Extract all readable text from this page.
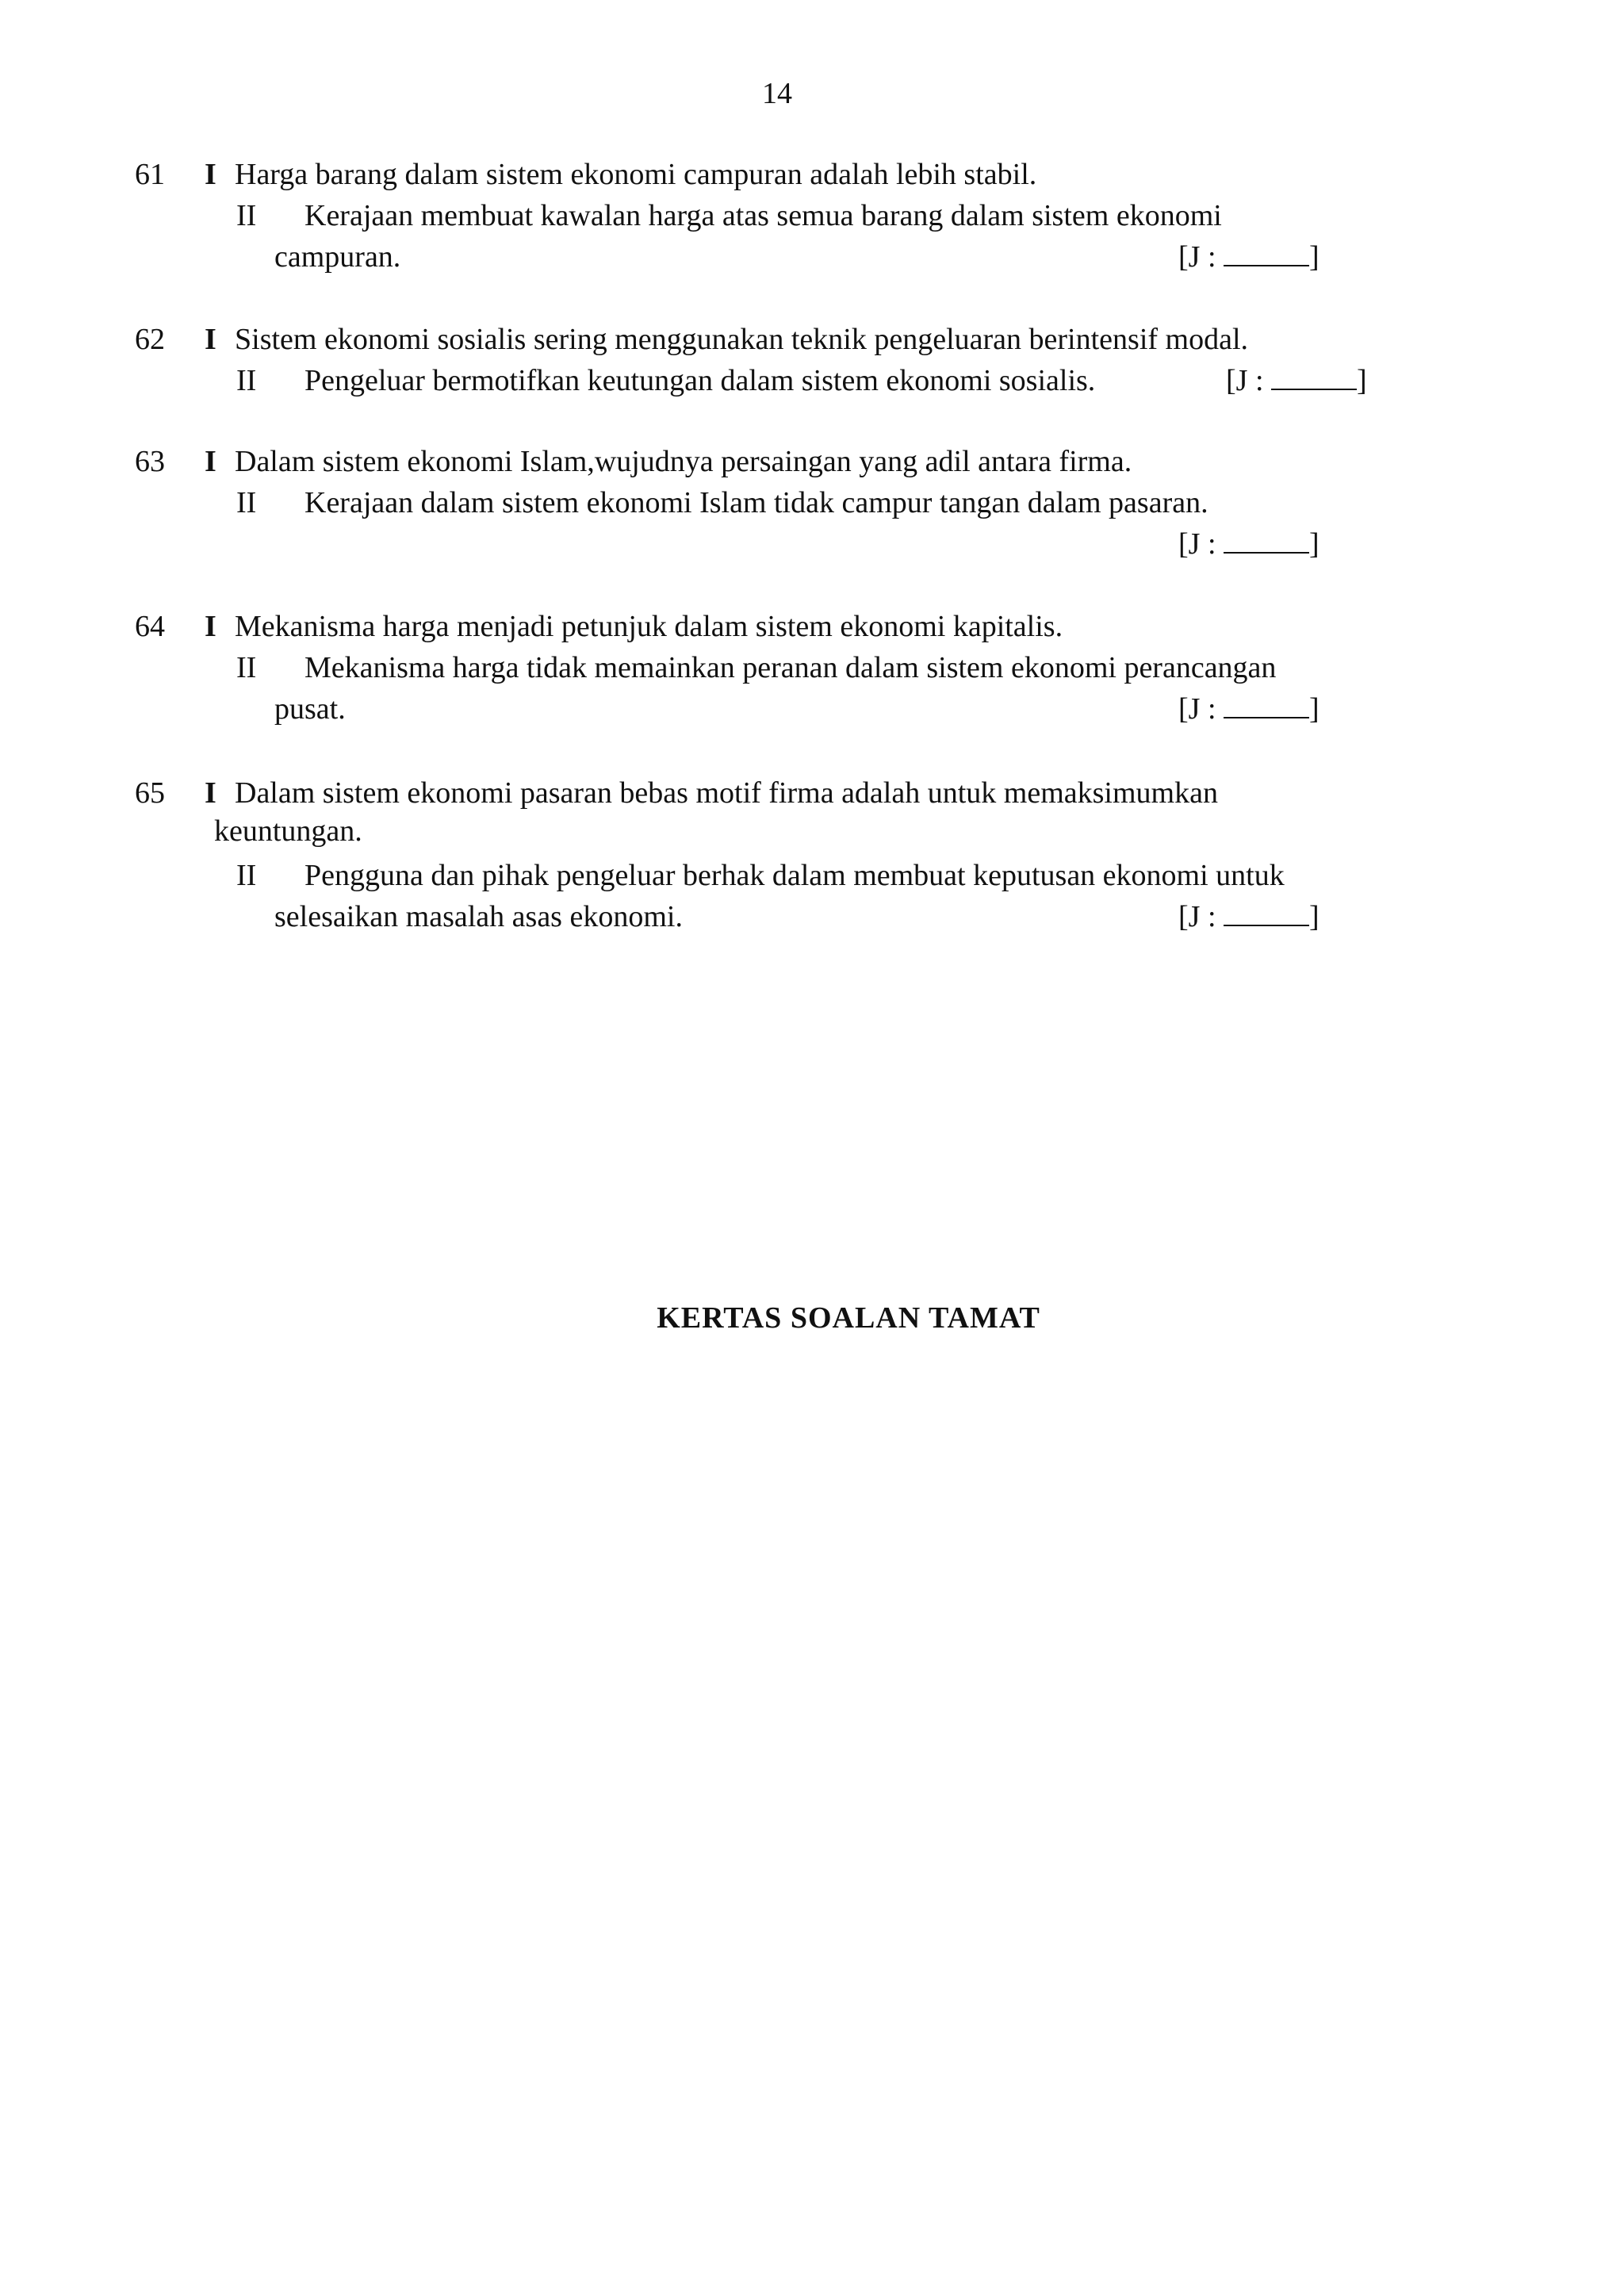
14
61 I Harga barang dalam sistem ekonomi campuran adalah lebih stabil.
II Kerajaan membuat kawalan harga atas semua barang dalam sistem ekonomi
campuran.	[J :	]
62 I Sistem ekonomi sosialis sering menggunakan teknik pengeluaran berintensif modal.
II Pengeluar bermotifkan keutungan dalam sistem ekonomi sosialis.	[J :	]
63 I Dalam sistem ekonomi Islam,wujudnya persaingan yang adil antara firma.
II Kerajaan dalam sistem ekonomi Islam tidak campur tangan dalam pasaran.
[J :	]
64 I Mekanisma harga menjadi petunjuk dalam sistem ekonomi kapitalis.
II Mekanisma harga tidak memainkan peranan dalam sistem ekonomi perancangan
pusat.	[J :	]
65 I Dalam sistem ekonomi pasaran bebas motif firma adalah untuk memaksimumkan
keuntungan.
II Pengguna dan pihak pengeluar berhak dalam membuat keputusan ekonomi untuk
selesaikan masalah asas ekonomi.	[J :	]
KERTAS SOALAN TAMAT
